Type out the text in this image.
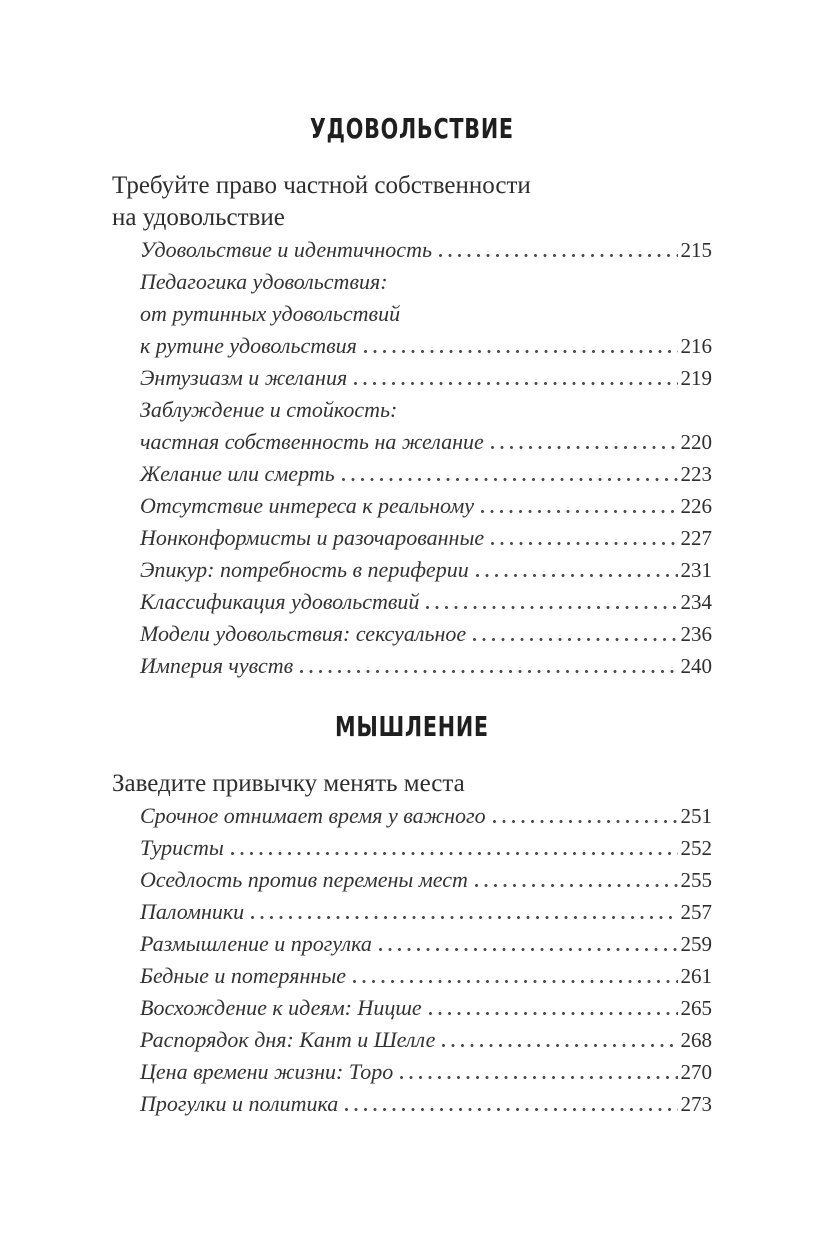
УДОВОЛЬСТВИЕ
Требуйте право частной собственности
на удовольствие
Удовольствие и идентичность	215
Педагогика удовольствия:
от рутинных удовольствий
к рутине удовольствия	216
Энтузиазм и желания	219
Заблуждение и стойкость:
частная собственность на желание	220
Желание или смерть	223
Отсутствие интереса к реальному	226
Нонконформисты и разочарованные	227
Эпикур: потребность в периферии	231
Классификация удовольствий	234
Модели удовольствия: сексуальное	236
Империя чувств	240
МЫШЛЕНИЕ
Заведите привычку менять места
Срочное отнимает время у важного	251
Туристы	252
Оседлость против перемены мест	255
Паломники	257
Размышление и прогулка	259
Бедные и потерянные	261
Восхождение к идеям: Ницше	265
Распорядок дня: Кант и Шелле	268
Цена времени жизни: Торо	270
Прогулки и политика	273
